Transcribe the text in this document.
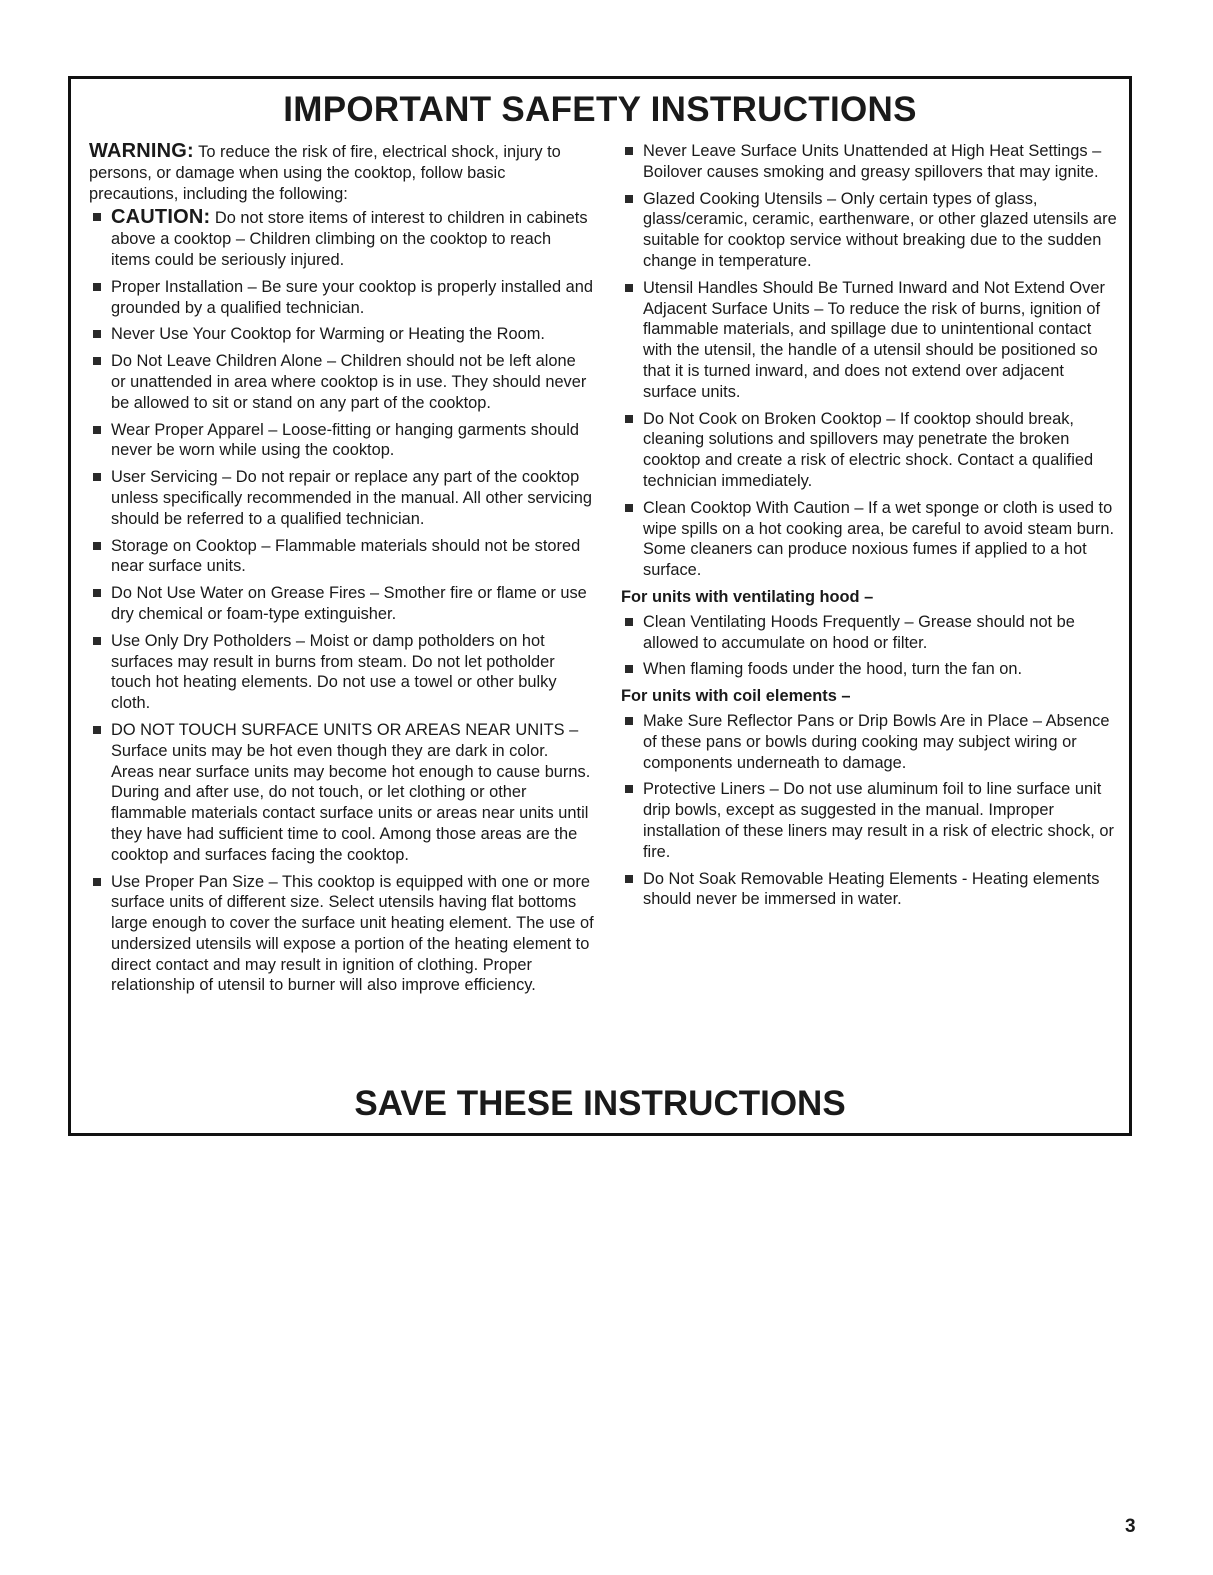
IMPORTANT SAFETY INSTRUCTIONS

WARNING: To reduce the risk of fire, electrical shock, injury to persons, or damage when using the cooktop, follow basic precautions, including the following:

CAUTION: Do not store items of interest to children in cabinets above a cooktop – Children climbing on the cooktop to reach items could be seriously injured.
Proper Installation – Be sure your cooktop is properly installed and grounded by a qualified technician.
Never Use Your Cooktop for Warming or Heating the Room.
Do Not Leave Children Alone – Children should not be left alone or unattended in area where cooktop is in use. They should never be allowed to sit or stand on any part of the cooktop.
Wear Proper Apparel – Loose-fitting or hanging garments should never be worn while using the cooktop.
User Servicing – Do not repair or replace any part of the cooktop unless specifically recommended in the manual. All other servicing should be referred to a qualified technician.
Storage on Cooktop – Flammable materials should not be stored near surface units.
Do Not Use Water on Grease Fires – Smother fire or flame or use dry chemical or foam-type extinguisher.
Use Only Dry Potholders – Moist or damp potholders on hot surfaces may result in burns from steam. Do not let potholder touch hot heating elements. Do not use a towel or other bulky cloth.
DO NOT TOUCH SURFACE UNITS OR AREAS NEAR UNITS – Surface units may be hot even though they are dark in color. Areas near surface units may become hot enough to cause burns. During and after use, do not touch, or let clothing or other flammable materials contact surface units or areas near units until they have had sufficient time to cool. Among those areas are the cooktop and surfaces facing the cooktop.
Use Proper Pan Size – This cooktop is equipped with one or more surface units of different size. Select utensils having flat bottoms large enough to cover the surface unit heating element. The use of undersized utensils will expose a portion of the heating element to direct contact and may result in ignition of clothing. Proper relationship of utensil to burner will also improve efficiency.
Never Leave Surface Units Unattended at High Heat Settings – Boilover causes smoking and greasy spillovers that may ignite.
Glazed Cooking Utensils – Only certain types of glass, glass/ceramic, ceramic, earthenware, or other glazed utensils are suitable for cooktop service without breaking due to the sudden change in temperature.
Utensil Handles Should Be Turned Inward and Not Extend Over Adjacent Surface Units – To reduce the risk of burns, ignition of flammable materials, and spillage due to unintentional contact with the utensil, the handle of a utensil should be positioned so that it is turned inward, and does not extend over adjacent surface units.
Do Not Cook on Broken Cooktop – If cooktop should break, cleaning solutions and spillovers may penetrate the broken cooktop and create a risk of electric shock. Contact a qualified technician immediately.
Clean Cooktop With Caution – If a wet sponge or cloth is used to wipe spills on a hot cooking area, be careful to avoid steam burn. Some cleaners can produce noxious fumes if applied to a hot surface.
For units with ventilating hood –
Clean Ventilating Hoods Frequently – Grease should not be allowed to accumulate on hood or filter.
When flaming foods under the hood, turn the fan on.
For units with coil elements –
Make Sure Reflector Pans or Drip Bowls Are in Place – Absence of these pans or bowls during cooking may subject wiring or components underneath to damage.
Protective Liners – Do not use aluminum foil to line surface unit drip bowls, except as suggested in the manual. Improper installation of these liners may result in a risk of electric shock, or fire.
Do Not Soak Removable Heating Elements - Heating elements should never be immersed in water.
SAVE THESE INSTRUCTIONS
3
